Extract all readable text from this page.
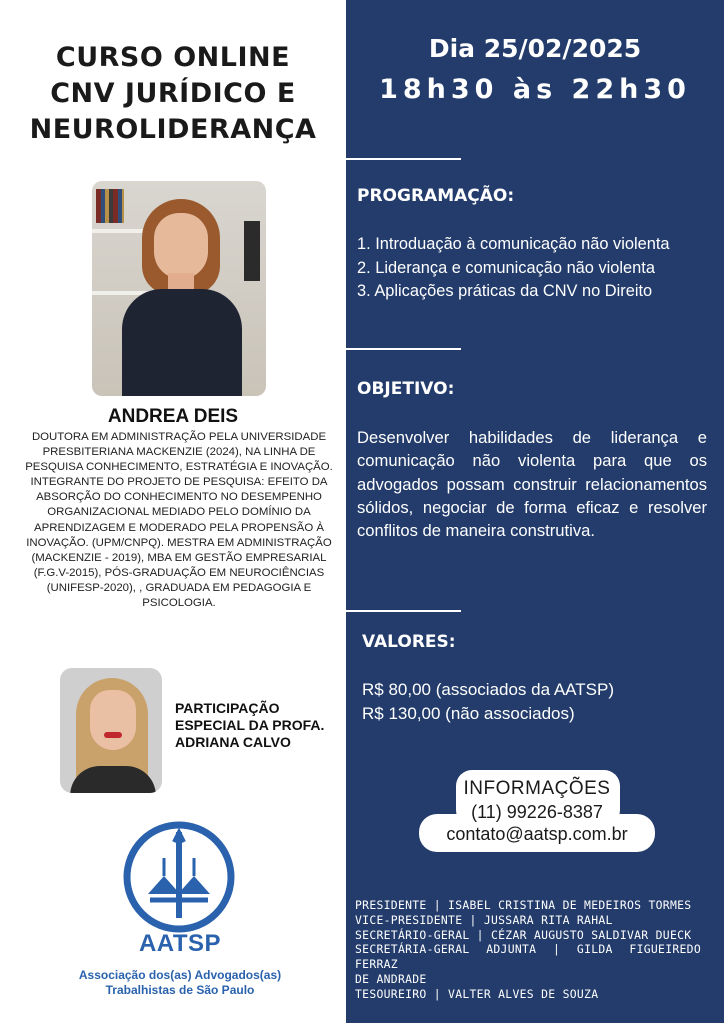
CURSO ONLINE
CNV JURÍDICO E
NEUROLIDERANÇA
ANDREA DEIS

DOUTORA EM ADMINISTRAÇÃO PELA UNIVERSIDADE PRESBITERIANA MACKENZIE (2024), NA LINHA DE PESQUISA CONHECIMENTO, ESTRATÉGIA E INOVAÇÃO. INTEGRANTE DO PROJETO DE PESQUISA: EFEITO DA ABSORÇÃO DO CONHECIMENTO NO DESEMPENHO ORGANIZACIONAL MEDIADO PELO DOMÍNIO DA APRENDIZAGEM E MODERADO PELA PROPENSÃO À INOVAÇÃO. (UPM/CNPQ). MESTRA EM ADMINISTRAÇÃO (MACKENZIE - 2019), MBA EM GESTÃO EMPRESARIAL (F.G.V-2015), PÓS-GRADUAÇÃO EM NEUROCIÊNCIAS (UNIFESP-2020), , GRADUADA EM PEDAGOGIA E PSICOLOGIA.

PARTICIPAÇÃO ESPECIAL DA PROFA. ADRIANA CALVO
AATSP
Associação dos(as) Advogados(as)
Trabalhistas de São Paulo
Dia 25/02/2025
18h30 às 22h30
PROGRAMAÇÃO:
1. Introduação à comunicação não violenta
2. Liderança e comunicação não violenta
3. Aplicações práticas da CNV no Direito
OBJETIVO:

Desenvolver habilidades de liderança e comunicação não violenta para que os advogados possam construir relacionamentos sólidos, negociar de forma eficaz e resolver conflitos de maneira construtiva.

VALORES:
R$ 80,00 (associados da AATSP)
R$ 130,00 (não associados)
INFORMAÇÕES
(11) 99226-8387
contato@aatsp.com.br
PRESIDENTE | ISABEL CRISTINA DE MEDEIROS TORMES
VICE-PRESIDENTE | JUSSARA RITA RAHAL
SECRETÁRIO-GERAL | CÉZAR AUGUSTO SALDIVAR DUECK
SECRETÁRIA-GERAL ADJUNTA | GILDA FIGUEIREDO FERRAZ
DE ANDRADE
TESOUREIRO | VALTER ALVES DE SOUZA
